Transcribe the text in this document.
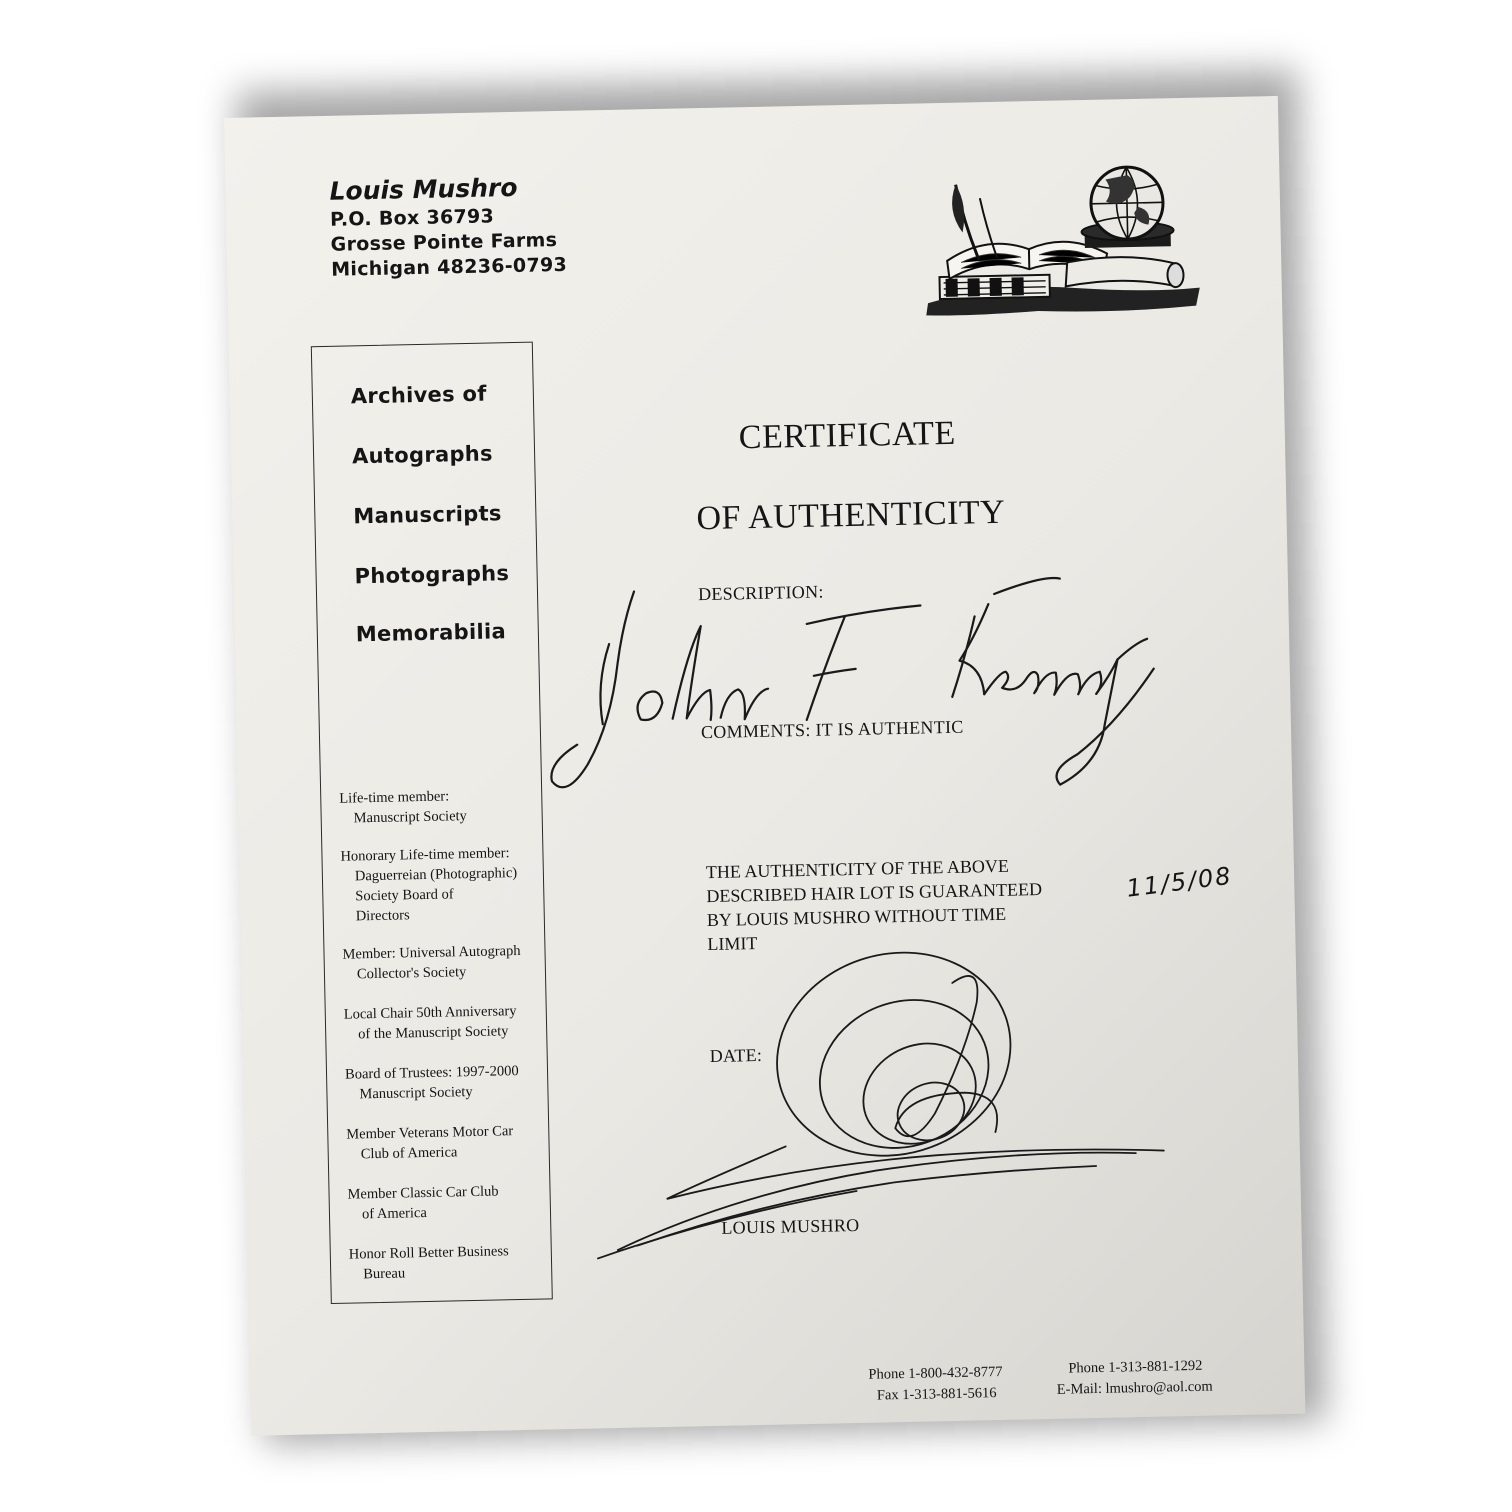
Louis Mushro
P.O. Box 36793
Grosse Pointe Farms
Michigan 48236-0793
Archives of
Autographs
Manuscripts
Photographs
Memorabilia
Life-time member:
Manuscript Society
Honorary Life-time member:
Daguerreian (Photographic)
Society Board of
Directors
Member: Universal Autograph
Collector's Society
Local Chair 50th Anniversary
of the Manuscript Society
Board of Trustees: 1997-2000
Manuscript Society
Member Veterans Motor Car
Club of America
Member Classic Car Club
of America
Honor Roll Better Business
Bureau
CERTIFICATE
OF AUTHENTICITY
DESCRIPTION:
COMMENTS: IT IS AUTHENTIC
THE AUTHENTICITY OF THE ABOVE
DESCRIBED HAIR LOT IS GUARANTEED
BY LOUIS MUSHRO WITHOUT TIME
LIMIT
11/5/08
DATE:
LOUIS MUSHRO
Phone 1-800-432-8777
Fax 1-313-881-5616
Phone 1-313-881-1292
E-Mail: lmushro@aol.com
